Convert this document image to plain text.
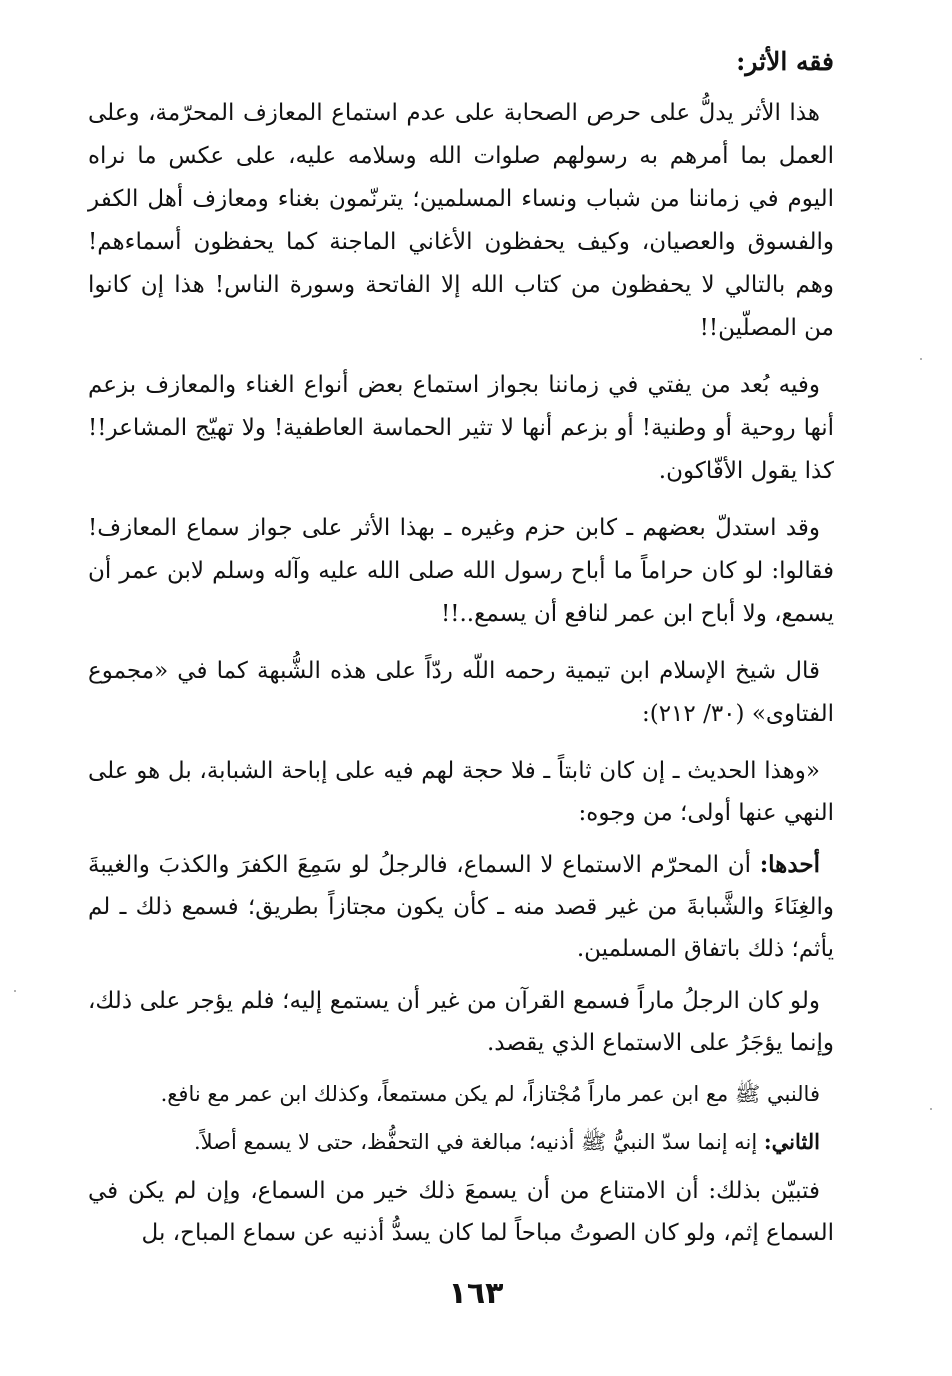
فقه الأثر:

هذا الأثر يدلُّ على حرص الصحابة على عدم استماع المعازف المحرّمة، وعلى العمل بما أمرهم به رسولهم صلوات الله وسلامه عليه، على عكس ما نراه اليوم في زماننا من شباب ونساء المسلمين؛ يترنّمون بغناء ومعازف أهل الكفر والفسوق والعصيان، وكيف يحفظون الأغاني الماجنة كما يحفظون أسماءهم! وهم بالتالي لا يحفظون من كتاب الله إلا الفاتحة وسورة الناس! هذا إن كانوا من المصلّين!!

وفيه بُعد من يفتي في زماننا بجواز استماع بعض أنواع الغناء والمعازف بزعم أنها روحية أو وطنية! أو بزعم أنها لا تثير الحماسة العاطفية! ولا تهيّج المشاعر!! كذا يقول الأفّاكون.

وقد استدلّ بعضهم ـ كابن حزم وغيره ـ بهذا الأثر على جواز سماع المعازف! فقالوا: لو كان حراماً ما أباح رسول الله صلى الله عليه وآله وسلم لابن عمر أن يسمع، ولا أباح ابن عمر لنافع أن يسمع..!!

قال شيخ الإسلام ابن تيمية رحمه اللّه ردّاً على هذه الشُّبهة كما في «مجموع الفتاوى» (٣٠/ ٢١٢):

«وهذا الحديث ـ إن كان ثابتاً ـ فلا حجة لهم فيه على إباحة الشبابة، بل هو على النهي عنها أولى؛ من وجوه:

أحدها: أن المحرّم الاستماع لا السماع، فالرجلُ لو سَمِعَ الكفرَ والكذبَ والغيبةَ والغِنَاءَ والشَّبابةَ من غير قصد منه ـ كأن يكون مجتازاً بطريق؛ فسمع ذلك ـ لم يأثم؛ ذلك باتفاق المسلمين.

ولو كان الرجلُ ماراً فسمع القرآن من غير أن يستمع إليه؛ فلم يؤجر على ذلك، وإنما يؤجَرُ على الاستماع الذي يقصد.

فالنبي ﷺ مع ابن عمر ماراً مُجْتازاً، لم يكن مستمعاً، وكذلك ابن عمر مع نافع.

الثاني: إنه إنما سدّ النبيُّ ﷺ أذنيه؛ مبالغة في التحفُّظ، حتى لا يسمع أصلاً.

فتبيّن بذلك: أن الامتناع من أن يسمعَ ذلك خير من السماع، وإن لم يكن في السماع إثم، ولو كان الصوتُ مباحاً لما كان يسدُّ أذنيه عن سماع المباح، بل

١٦٣
